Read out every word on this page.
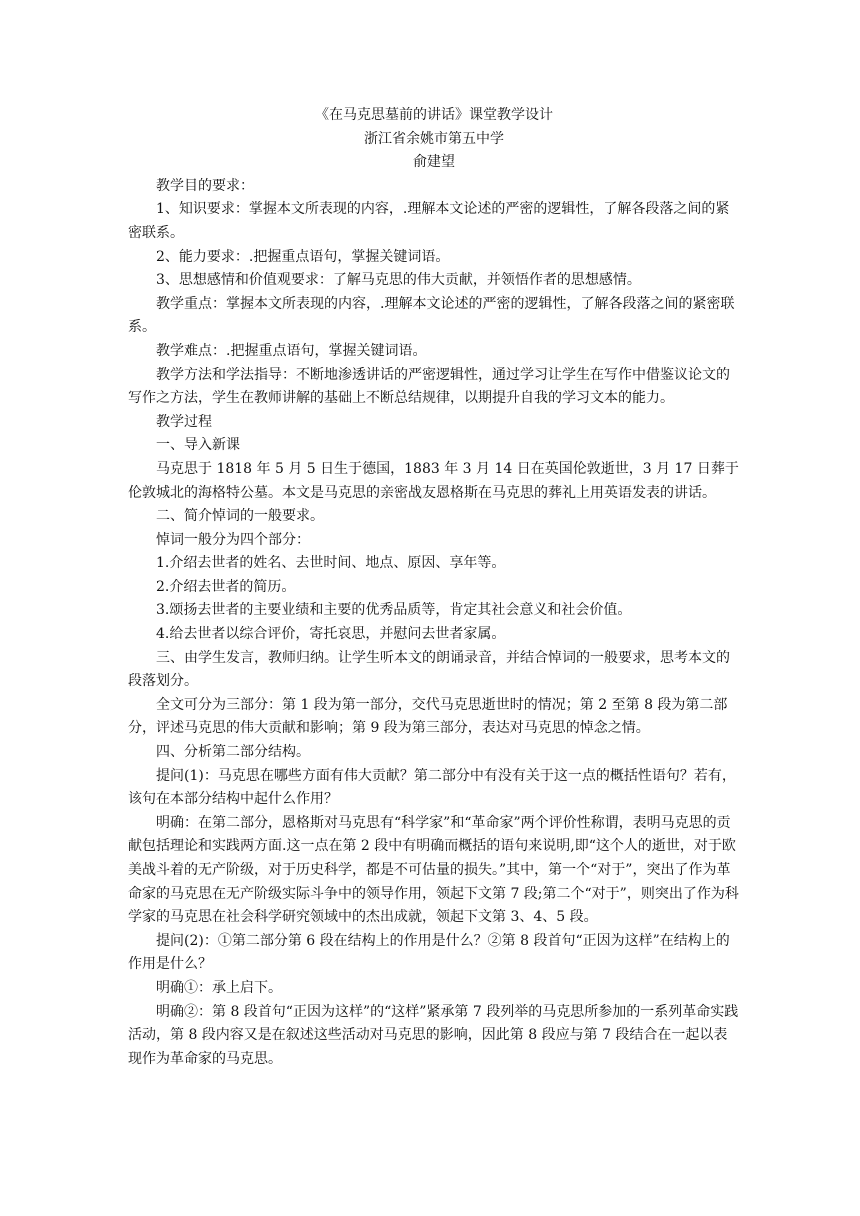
《在马克思墓前的讲话》课堂教学设计

浙江省余姚市第五中学

俞建望

教学目的要求：

1、知识要求：掌握本文所表现的内容，.理解本文论述的严密的逻辑性，了解各段落之间的紧密联系。

2、能力要求：.把握重点语句，掌握关键词语。

3、思想感情和价值观要求：了解马克思的伟大贡献，并领悟作者的思想感情。

教学重点：掌握本文所表现的内容，.理解本文论述的严密的逻辑性，了解各段落之间的紧密联系。

教学难点：.把握重点语句，掌握关键词语。

教学方法和学法指导：不断地渗透讲话的严密逻辑性，通过学习让学生在写作中借鉴议论文的写作之方法，学生在教师讲解的基础上不断总结规律，以期提升自我的学习文本的能力。

教学过程

一、导入新课

马克思于 1818 年 5 月 5 日生于德国，1883 年 3 月 14 日在英国伦敦逝世，3 月 17 日葬于伦敦城北的海格特公墓。本文是马克思的亲密战友恩格斯在马克思的葬礼上用英语发表的讲话。

二、简介悼词的一般要求。

悼词一般分为四个部分：

1.介绍去世者的姓名、去世时间、地点、原因、享年等。

2.介绍去世者的简历。

3.颂扬去世者的主要业绩和主要的优秀品质等，肯定其社会意义和社会价值。

4.给去世者以综合评价，寄托哀思，并慰问去世者家属。

三、由学生发言，教师归纳。让学生听本文的朗诵录音，并结合悼词的一般要求，思考本文的段落划分。

全文可分为三部分：第 1 段为第一部分，交代马克思逝世时的情况；第 2 至第 8 段为第二部分，评述马克思的伟大贡献和影响；第 9 段为第三部分，表达对马克思的悼念之情。

四、分析第二部分结构。

提问(1)：马克思在哪些方面有伟大贡献？第二部分中有没有关于这一点的概括性语句？若有，该句在本部分结构中起什么作用？

明确：在第二部分，恩格斯对马克思有“科学家”和“革命家”两个评价性称谓，表明马克思的贡献包括理论和实践两方面.这一点在第 2 段中有明确而概括的语句来说明,即“这个人的逝世，对于欧美战斗着的无产阶级，对于历史科学，都是不可估量的损失。”其中，第一个“对于”，突出了作为革命家的马克思在无产阶级实际斗争中的领导作用，领起下文第 7 段;第二个“对于”，则突出了作为科学家的马克思在社会科学研究领域中的杰出成就，领起下文第 3、4、5 段。

提问(2)：①第二部分第 6 段在结构上的作用是什么？②第 8 段首句“正因为这样”在结构上的作用是什么？

明确①：承上启下。

明确②：第 8 段首句“正因为这样”的“这样”紧承第 7 段列举的马克思所参加的一系列革命实践活动，第 8 段内容又是在叙述这些活动对马克思的影响，因此第 8 段应与第 7 段结合在一起以表现作为革命家的马克思。
